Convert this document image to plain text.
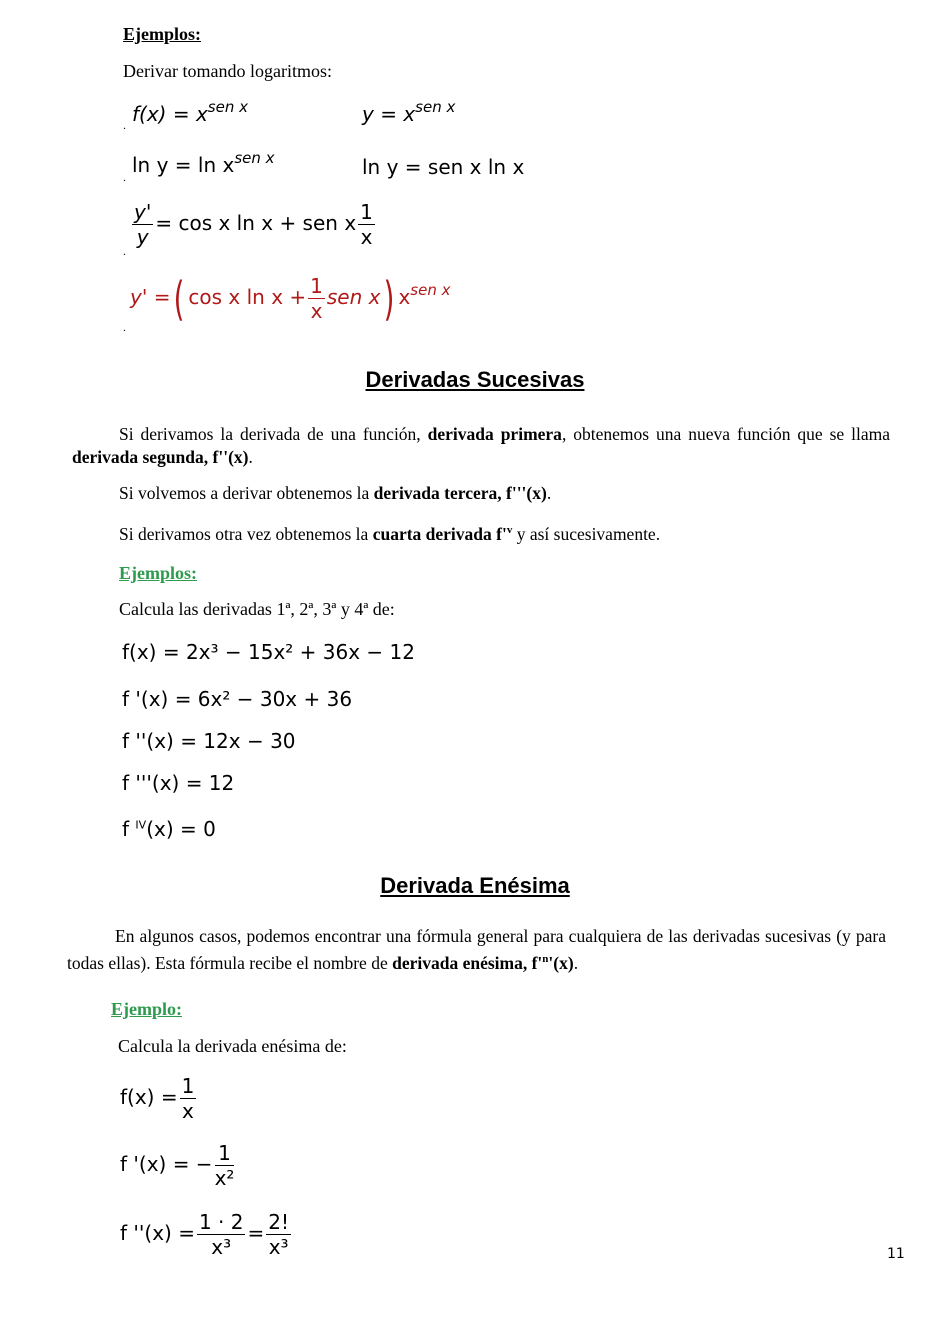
Ejemplos:
Derivar tomando logaritmos:
$f(x) = x^{sen x}$	$y = x^{sen x}$
.
$\ln y = \ln x^{sen x}$	ln y = sen x ln x
.
$\frac{y'}{y} = \cos x$ ln x + sen x $\frac{1}{x}$
.
y' =( cos x $\ln x + \frac{1}{x}$ sen x) $x^{sen x}$
.
Derivadas Sucesivas
Si derivamos la derivada de una función, derivada primera, obtenemos una nueva función que se llama derivada segunda, f''(x).
Si volvemos a derivar obtenemos la derivada tercera, f'''(x).
Si derivamos otra vez obtenemos la cuarta derivada $f'^v$ y así sucesivamente.
Ejemplos:
Calcula las derivadas 1ª, 2ª, 3ª y 4ª de:
f(x) = 2x³ − 15x² + 36x − 12
f '(x) = 6x² − 30x + 36
f ''(x) = 12x − 30
f '''(x) = 12
f $^{IV}$(x) = 0
Derivada Enésima
En algunos casos, podemos encontrar una fórmula general para cualquiera de las derivadas sucesivas (y para todas ellas). Esta fórmula recibe el nombre de derivada enésima, $f'^n'(x)$.
Ejemplo:
Calcula la derivada enésima de:
$f(x) = \frac{1}{x}$
f '(x) = − $\frac{1}{\text{x²}}$
f ''$(x) = \frac{1 \cdot 2}{\text{x³}} = \frac{2!}{\text{x³}}$	11
